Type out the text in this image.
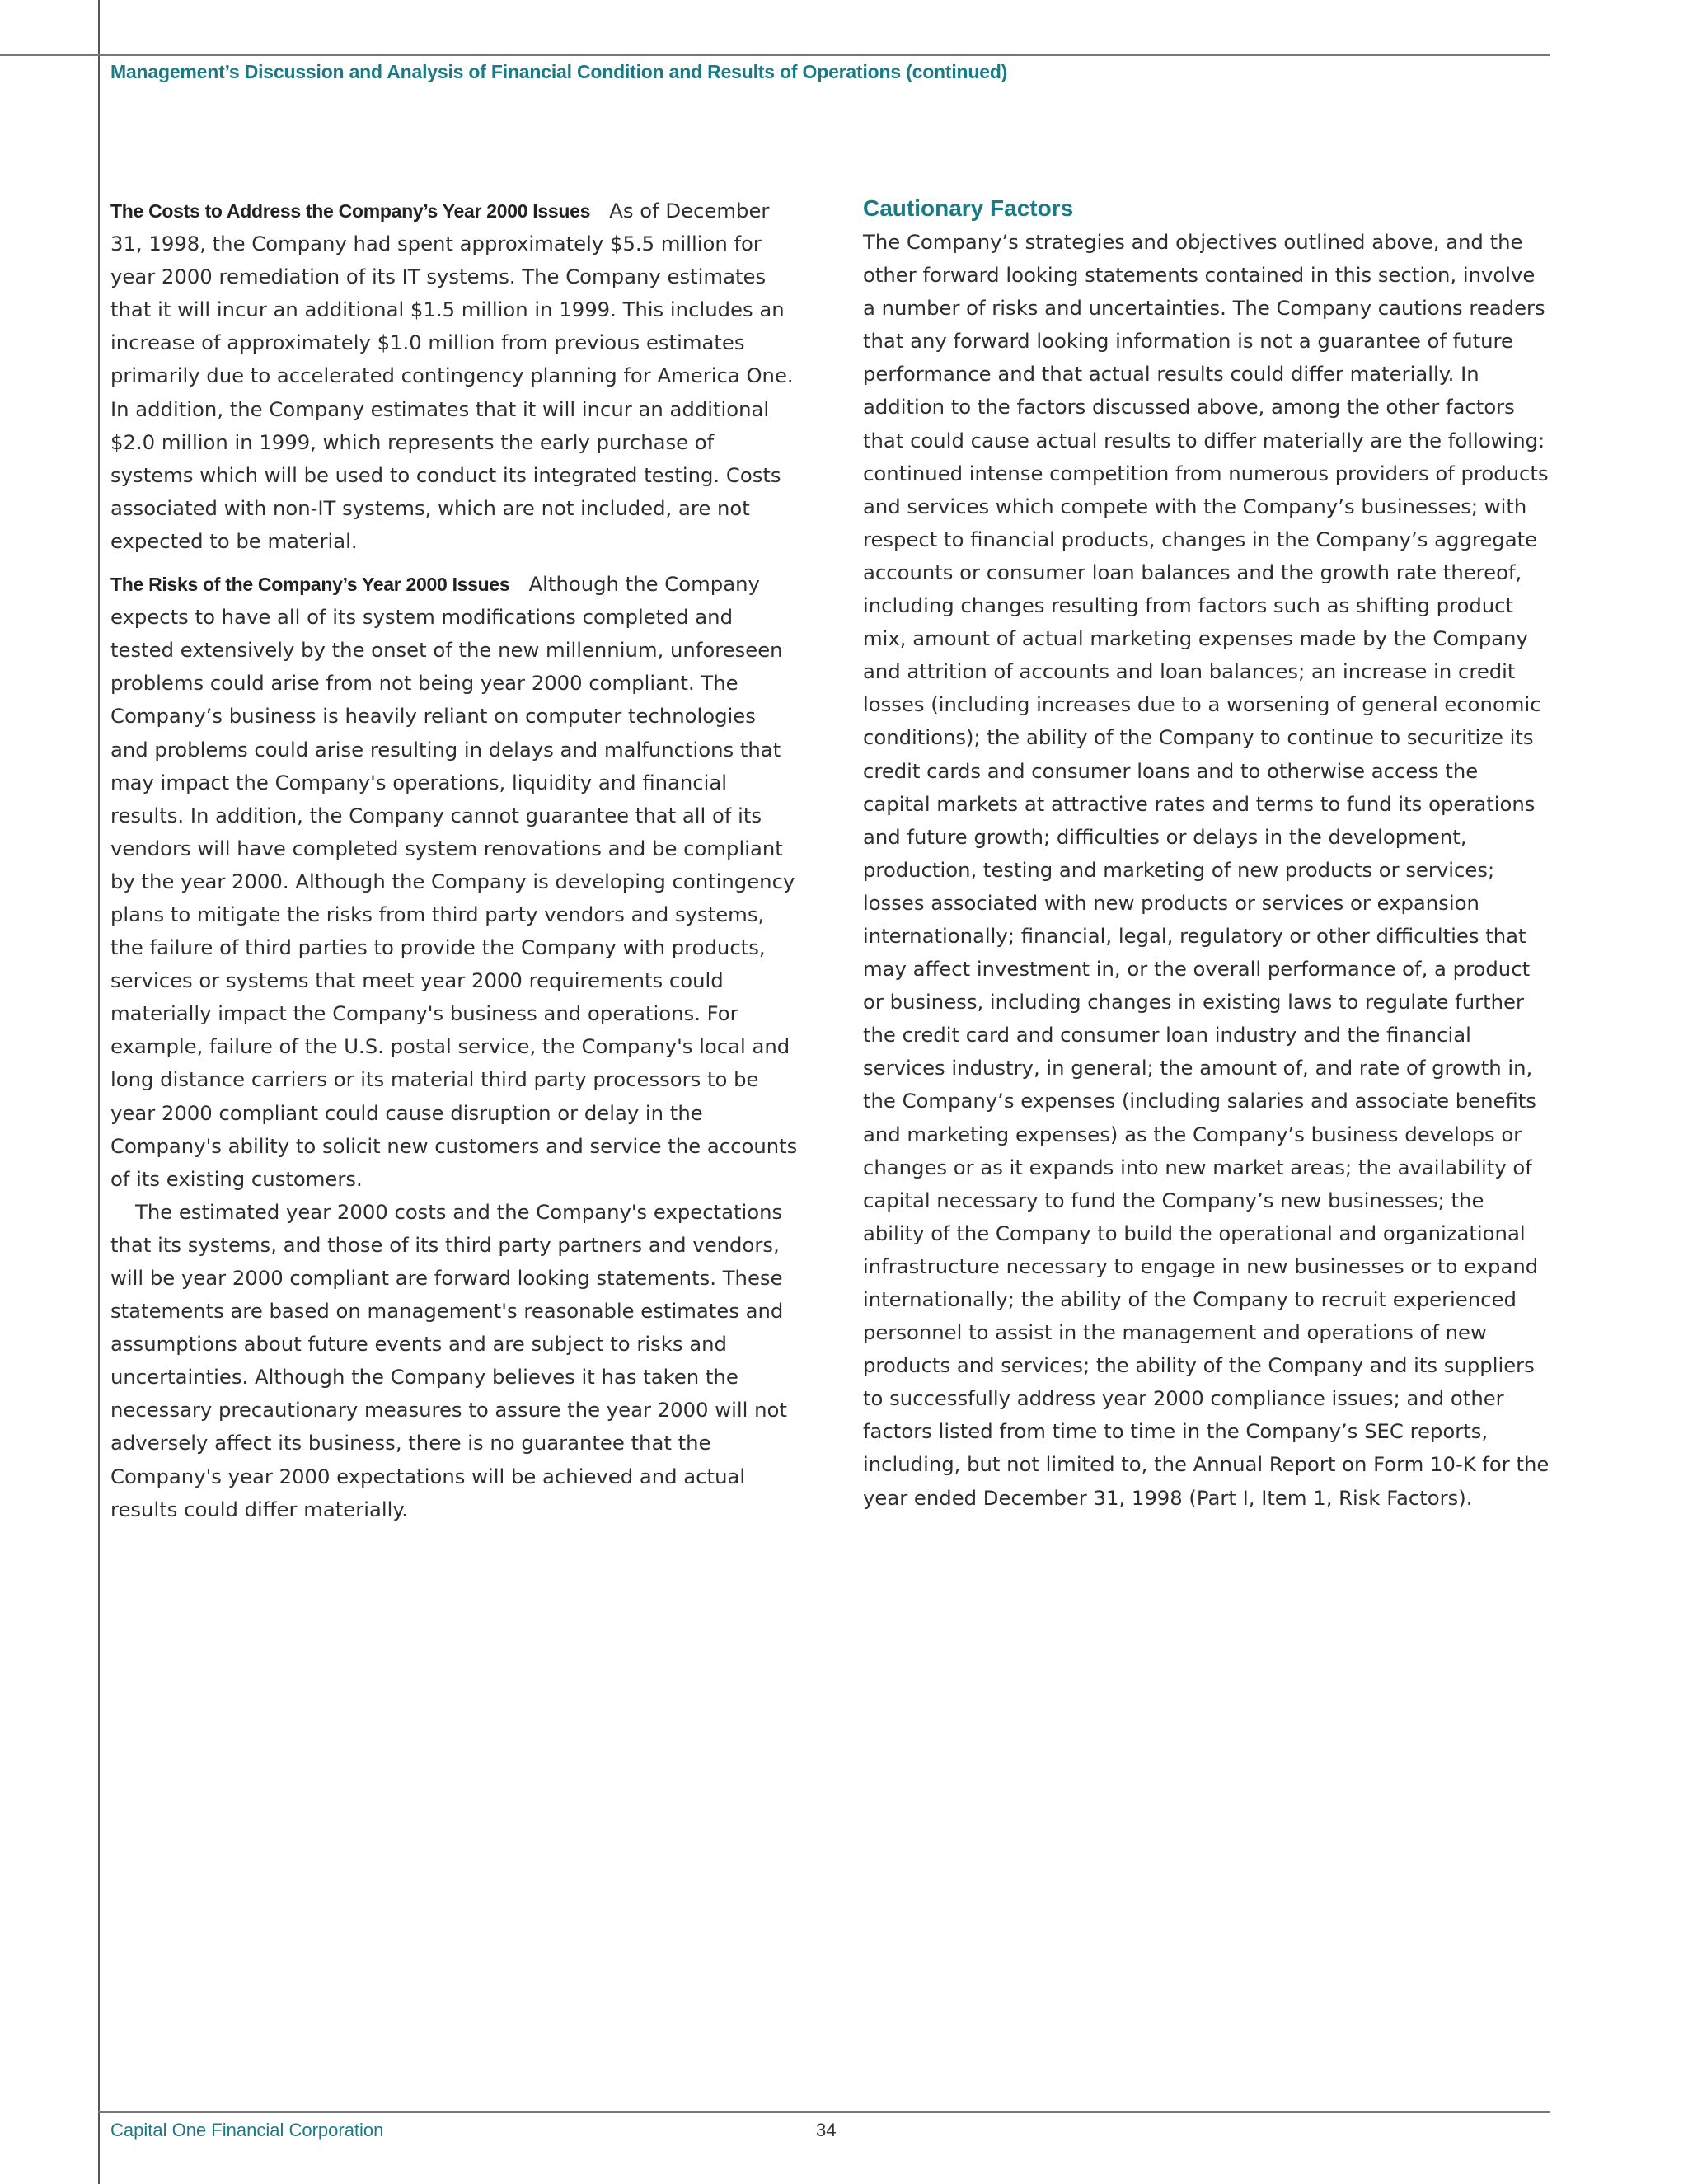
Management’s Discussion and Analysis of Financial Condition and Results of Operations (continued)

The Costs to Address the Company’s Year 2000 Issues As of December 31, 1998, the Company had spent approximately $5.5 million for year 2000 remediation of its IT systems. The Company estimates that it will incur an additional $1.5 million in 1999. This includes an increase of approximately $1.0 million from previous estimates primarily due to accelerated contingency planning for America One. In addition, the Company estimates that it will incur an additional $2.0 million in 1999, which represents the early purchase of systems which will be used to conduct its integrated testing. Costs associated with non-IT systems, which are not included, are not expected to be material.

The Risks of the Company’s Year 2000 Issues Although the Company expects to have all of its system modifications completed and tested extensively by the onset of the new millennium, unforeseen problems could arise from not being year 2000 compliant. The Company’s business is heavily reliant on computer technologies and problems could arise resulting in delays and malfunctions that may impact the Company's operations, liquidity and financial results. In addition, the Company cannot guarantee that all of its vendors will have completed system renovations and be compliant by the year 2000. Although the Company is developing contingency plans to mitigate the risks from third party vendors and systems, the failure of third parties to provide the Company with products, services or systems that meet year 2000 requirements could materially impact the Company's business and operations. For example, failure of the U.S. postal service, the Company's local and long distance carriers or its material third party processors to be year 2000 compliant could cause disruption or delay in the Company's ability to solicit new customers and service the accounts of its existing customers.

The estimated year 2000 costs and the Company's expectations that its systems, and those of its third party partners and vendors, will be year 2000 compliant are forward looking statements. These statements are based on management's reasonable estimates and assumptions about future events and are subject to risks and uncertainties. Although the Company believes it has taken the necessary precautionary measures to assure the year 2000 will not adversely affect its business, there is no guarantee that the Company's year 2000 expectations will be achieved and actual results could differ materially.

Cautionary Factors

The Company’s strategies and objectives outlined above, and the other forward looking statements contained in this section, involve a number of risks and uncertainties. The Company cautions readers that any forward looking information is not a guarantee of future performance and that actual results could differ materially. In addition to the factors discussed above, among the other factors that could cause actual results to differ materially are the following: continued intense competition from numerous providers of products and services which compete with the Company’s businesses; with respect to financial products, changes in the Company’s aggregate accounts or consumer loan balances and the growth rate thereof, including changes resulting from factors such as shifting product mix, amount of actual marketing expenses made by the Company and attrition of accounts and loan balances; an increase in credit losses (including increases due to a worsening of general economic conditions); the ability of the Company to continue to securitize its credit cards and consumer loans and to otherwise access the capital markets at attractive rates and terms to fund its operations and future growth; difficulties or delays in the development, production, testing and marketing of new products or services; losses associated with new products or services or expansion internationally; financial, legal, regulatory or other difficulties that may affect investment in, or the overall performance of, a product or business, including changes in existing laws to regulate further the credit card and consumer loan industry and the financial services industry, in general; the amount of, and rate of growth in, the Company’s expenses (including salaries and associate benefits and marketing expenses) as the Company’s business develops or changes or as it expands into new market areas; the availability of capital necessary to fund the Company’s new businesses; the ability of the Company to build the operational and organizational infrastructure necessary to engage in new businesses or to expand internationally; the ability of the Company to recruit experienced personnel to assist in the management and operations of new products and services; the ability of the Company and its suppliers to successfully address year 2000 compliance issues; and other factors listed from time to time in the Company’s SEC reports, including, but not limited to, the Annual Report on Form 10-K for the year ended December 31, 1998 (Part I, Item 1, Risk Factors).

Capital One Financial Corporation	34
